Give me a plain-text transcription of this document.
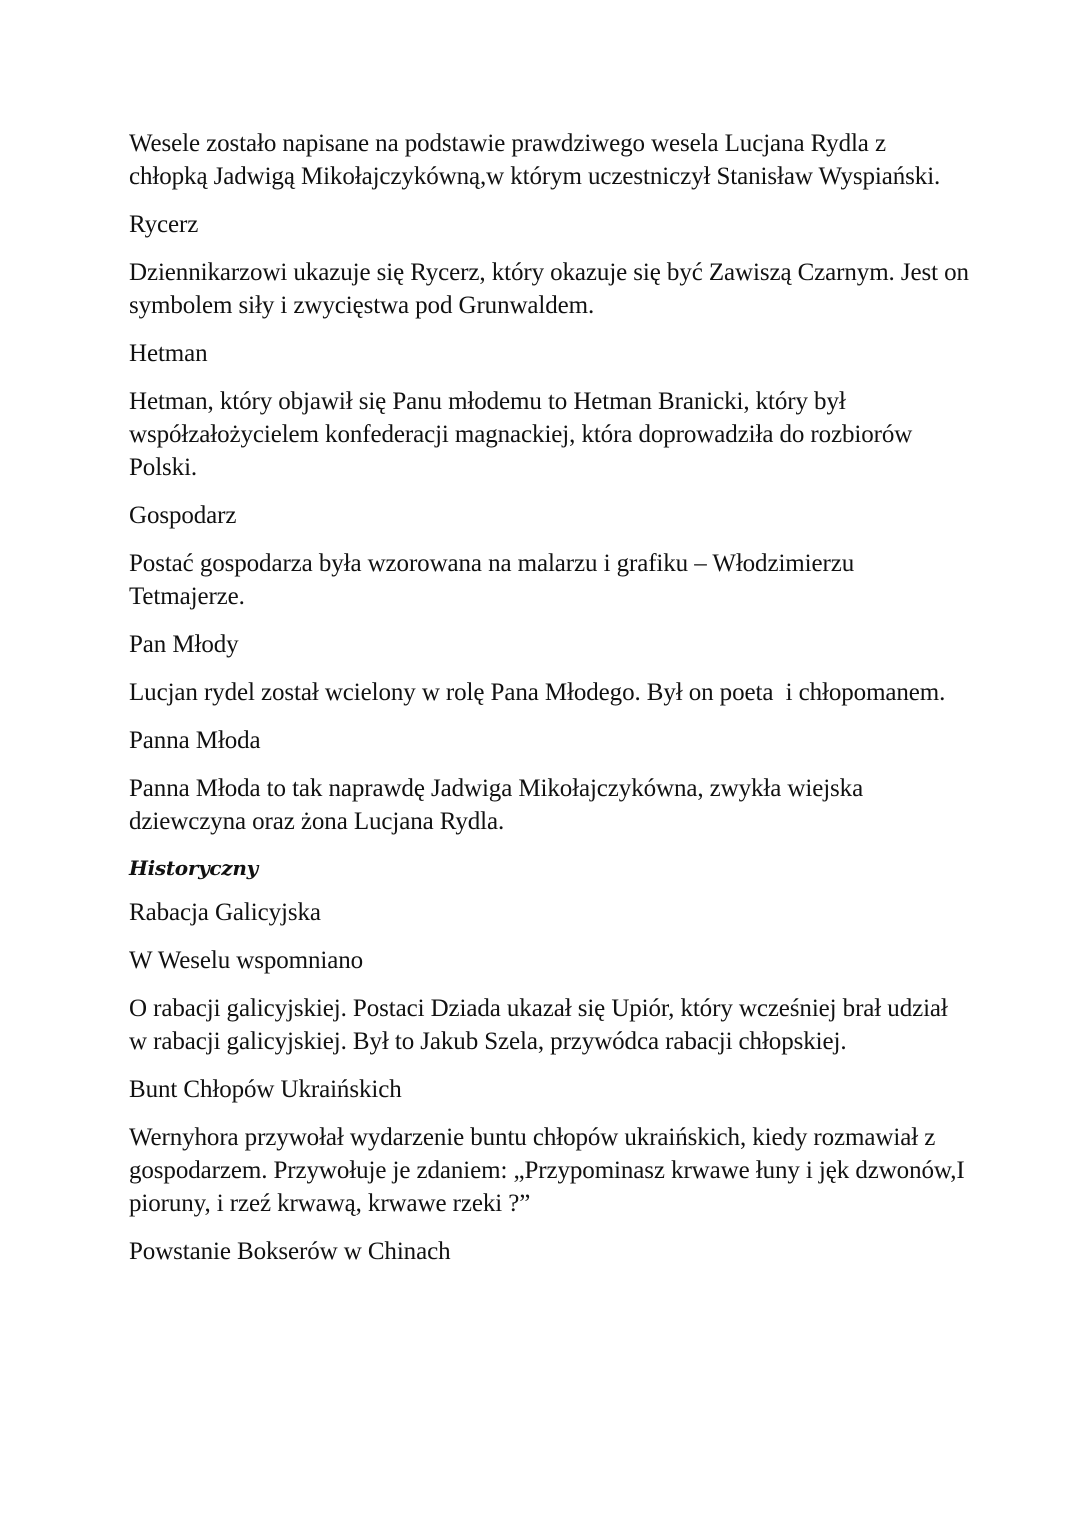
Wesele zostało napisane na podstawie prawdziwego wesela Lucjana Rydla z chłopką Jadwigą Mikołajczykówną,w którym uczestniczył Stanisław Wyspiański.

Rycerz

Dziennikarzowi ukazuje się Rycerz, który okazuje się być Zawiszą Czarnym. Jest on symbolem siły i zwycięstwa pod Grunwaldem.

Hetman

Hetman, który objawił się Panu młodemu to Hetman Branicki, który był współzałożycielem konfederacji magnackiej, która doprowadziła do rozbiorów Polski.

Gospodarz

Postać gospodarza była wzorowana na malarzu i grafiku – Włodzimierzu Tetmajerze.

Pan Młody

Lucjan rydel został wcielony w rolę Pana Młodego. Był on poeta  i chłopomanem.

Panna Młoda

Panna Młoda to tak naprawdę Jadwiga Mikołajczykówna, zwykła wiejska dziewczyna oraz żona Lucjana Rydla.

Historyczny
Rabacja Galicyjska
W Weselu wspomniano

O rabacji galicyjskiej. Postaci Dziada ukazał się Upiór, który wcześniej brał udział w rabacji galicyjskiej. Był to Jakub Szela, przywódca rabacji chłopskiej.

Bunt Chłopów Ukraińskich

Wernyhora przywołał wydarzenie buntu chłopów ukraińskich, kiedy rozmawiał z gospodarzem. Przywołuje je zdaniem: „Przypominasz krwawe łuny i jęk dzwonów,I pioruny, i rzeź krwawą, krwawe rzeki ?”

Powstanie Bokserów w Chinach
